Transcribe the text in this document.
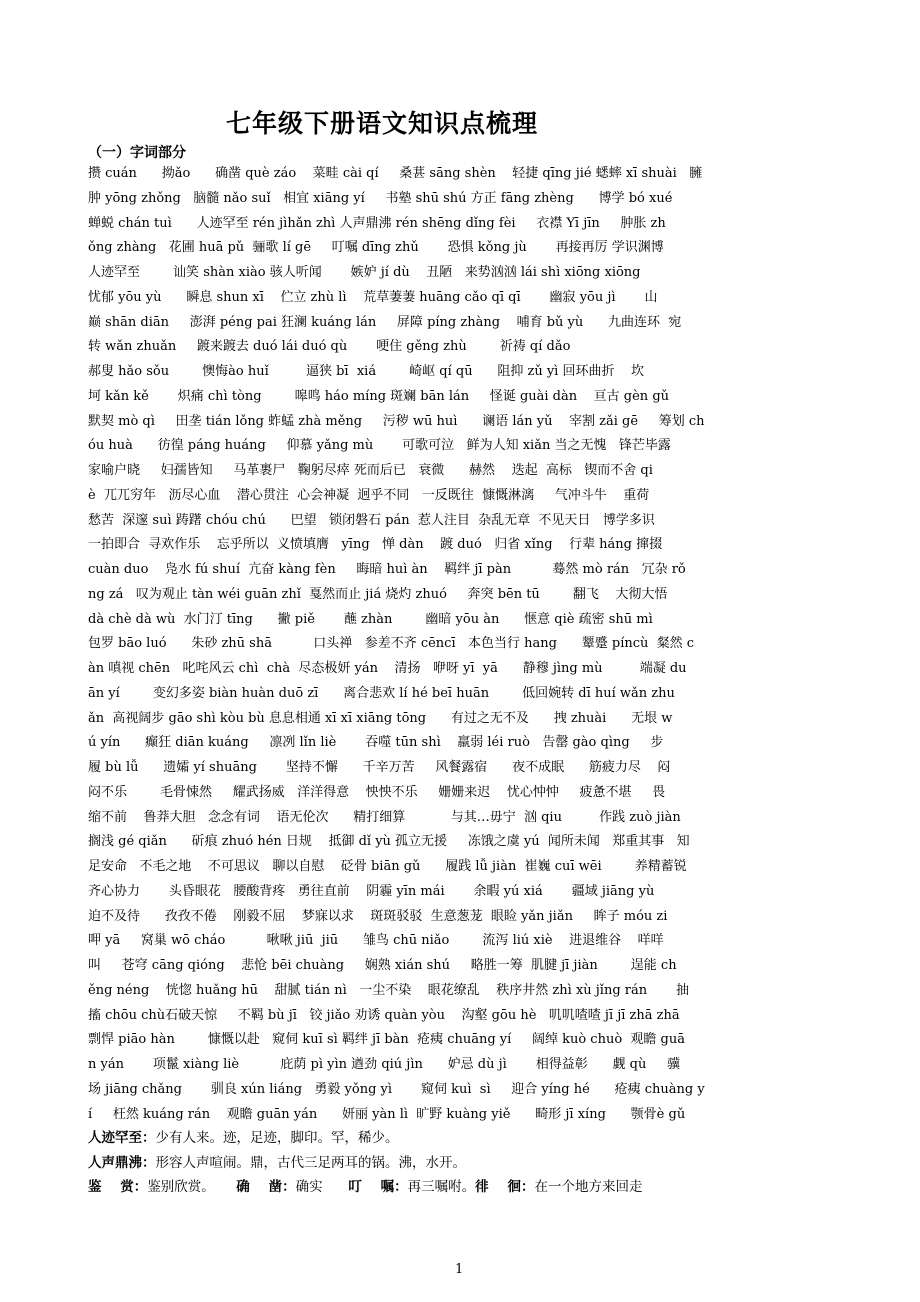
七年级下册语文知识点梳理
（一）字词部分
攒 cuán      拗ǎo      确凿 què záo    菜畦 cài qí     桑葚 sāng shèn    轻捷 qīng jié 蟋蟀 xī shuài   臃
肿 yōng zhǒng   脑髓 nǎo suǐ   相宜 xiāng yí     书塾 shū shú 方正 fāng zhèng      博学 bó xué
蝉蜕 chán tuì      人迹罕至 rén jìhǎn zhì 人声鼎沸 rén shēng dǐng fèi     衣襟 Yī jīn     肿胀 zh
ǒng zhàng   花圃 huā pǔ  骊歌 lí gē     叮嘱 dīng zhǔ       恐惧 kǒng jù       再接再厉 学识渊博
人迹罕至        讪笑 shàn xiào 骇人听闻       嫉妒 jí dù    丑陋   来势汹汹 lái shì xiōng xiōng
忧郁 yōu yù      瞬息 shun xī    伫立 zhù lì    荒草萋萋 huāng cǎo qī qī       幽寂 yōu jì       山
巅 shān diān     澎湃 péng pai 狂澜 kuáng lán     屏障 píng zhàng    哺育 bǔ yù      九曲连环  宛
转 wǎn zhuǎn     踱来踱去 duó lái duó qù       哽住 gěng zhù        祈祷 qí dǎo
郝叟 hǎo sǒu        懊悔ào huǐ         逼狭 bī  xiá        崎岖 qí qū      阻抑 zǔ yì 回环曲折    坎
坷 kǎn kě       炽痛 chì tòng        嗥鸣 háo míng 斑斓 bān lán     怪诞 guài dàn    亘古 gèn gǔ
默契 mò qì     田垄 tián lǒng 蚱蜢 zhà měng     污秽 wū huì      谰语 lán yǔ    宰割 zǎi gē     筹划 ch
óu huà      彷徨 páng huáng     仰慕 yǎng mù       可歌可泣   鲜为人知 xiǎn 当之无愧   锋芒毕露
家喻户晓     妇孺皆知     马革裹尸   鞠躬尽瘁 死而后已   衰微      赫然    迭起  高标   锲而不舍 qi
è  兀兀穷年   沥尽心血    潜心贯注  心会神凝  迥乎不同   一反既往  慷慨淋漓     气冲斗牛    重荷
愁苦  深邃 suì 踌躇 chóu chú      巴望   锁闭磐石 pán  惹人注目  杂乱无章  不见天日   博学多识
一拍即合  寻欢作乐    忘乎所以  义愤填膺   yīng   惮 dàn    踱 duó   归省 xǐng    行辈 háng 撺掇
cuàn duo    凫水 fú shuí  亢奋 kàng fèn     晦暗 huì àn    羁绊 jī pàn          蓦然 mò rán   冗杂 rǒ
ng zá   叹为观止 tàn wéi guān zhǐ  戛然而止 jiá 烧灼 zhuó     奔突 bēn tū        翻飞    大彻大悟
dà chè dà wù  水门汀 tīng      撇 piě       蘸 zhàn        幽暗 yōu àn      惬意 qiè 疏密 shū mì
包罗 bāo luó      朱砂 zhū shā          口头禅   参差不齐 cēncī   本色当行 hang      颦蹙 píncù  粲然 c
àn 嗔视 chēn   叱咤风云 chì  chà  尽态极妍 yán    清扬   咿呀 yī  yā      静穆 jìng mù         端凝 du
ān yí        变幻多姿 biàn huàn duō zī      离合悲欢 lí hé beī huān        低回婉转 dī huí wǎn zhu
ǎn  高视阔步 gāo shì kòu bù 息息相通 xī xī xiāng tōng      有过之无不及      拽 zhuài      无垠 w
ú yín      癫狂 diān kuáng     凛冽 lǐn liè       吞噬 tūn shì    羸弱 léi ruò   告罄 gào qìng     步
履 bù lǚ      遗孀 yí shuāng       坚持不懈      千辛万苦     风餐露宿      夜不成眠      筋疲力尽    闷
闷不乐        毛骨悚然     耀武扬威   洋洋得意    怏怏不乐     姗姗来迟    忧心忡忡     疲惫不堪     畏
缩不前    鲁莽大胆   念念有词    语无伦次      精打细算           与其…毋宁  汹 qiu         作践 zuò jiàn
搁浅 gé qiǎn      斫痕 zhuó hén 日规    抵御 dǐ yù 孤立无援     冻饿之虞 yú  闻所未闻   郑重其事   知
足安命   不毛之地    不可思议   聊以自慰    砭骨 biān gǔ      履践 lǚ jiàn  崔巍 cuī wēi        养精蓄锐
齐心协力       头昏眼花   腰酸背疼   勇往直前    阴霾 yīn mái       余暇 yú xiá       疆域 jiāng yù
迫不及待      孜孜不倦    刚毅不屈    梦寐以求    斑斑驳驳  生意葱茏  眼睑 yǎn jiǎn     眸子 móu zi
呷 yā     窝巢 wō cháo          啾啾 jiū  jiū      雏鸟 chū niǎo        流泻 liú xiè    进退维谷    咩咩
叫     苍穹 cāng qióng    悲怆 bēi chuàng     娴熟 xián shú     略胜一筹  肌腱 jī jiàn        逞能 ch
ěng néng    恍惚 huǎng hū    甜腻 tián nì   一尘不染    眼花缭乱    秩序井然 zhì xù jǐng rán       抽
搐 chōu chù石破天惊     不羁 bù jī   铰 jiǎo 劝诱 quàn yòu    沟壑 gōu hè   叽叽喳喳 jī jī zhā zhā
剽悍 piāo hàn        慷慨以赴   窥伺 kuī sì 羁绊 jī bàn  疮痍 chuāng yí     阔绰 kuò chuò  观瞻 guā
n yán       项鬣 xiàng liè          庇荫 pì yìn 遒劲 qiú jìn      妒忌 dù jì       相得益彰      觑 qù     骥
场 jiāng chǎng       驯良 xún liáng   勇毅 yǒng yì       窥伺 kuì  sì     迎合 yíng hé      疮痍 chuàng y
í     枉然 kuáng rán    观瞻 guān yán      妍丽 yàn lì  旷野 kuàng yiě      畸形 jī xíng      颚骨è gǔ
人迹罕至：少有人来。迹，足迹，脚印。罕，稀少。
人声鼎沸：形容人声喧闹。鼎，古代三足两耳的锅。沸，水开。
鉴    赏：鉴别欣赏。     确    凿：确实      叮    嘱：再三嘱咐。徘    徊：在一个地方来回走
1
